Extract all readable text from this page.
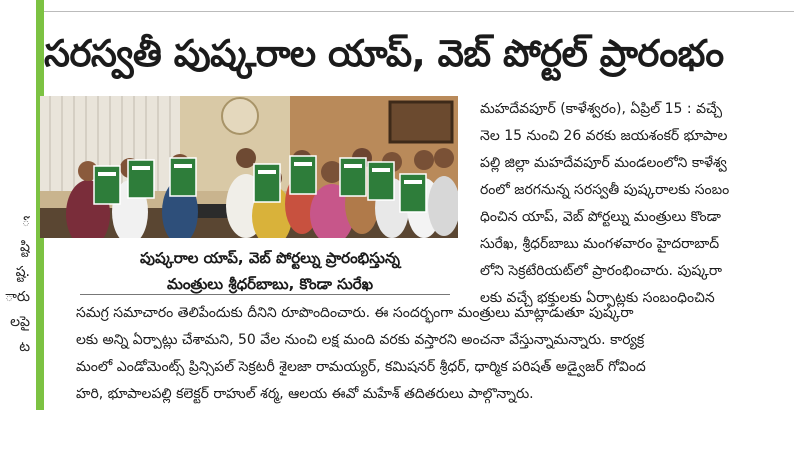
ో
ష్టి
ష్ట.
ారు
లపై
ట
సరస్వతీ పుష్కరాల యాప్, వెబ్ పోర్టల్ ప్రారంభం
పుష్కరాల యాప్, వెబ్ పోర్టల్ను ప్రారంభిస్తున్న
మంత్రులు శ్రీధర్‌బాబు, కొండా సురేఖ
మహదేవపూర్ (కాళేశ్వరం), ఏప్రిల్ 15 : వచ్చే
నెల 15 నుంచి 26 వరకు జయశంకర్ భూపాల
పల్లి జిల్లా మహదేవపూర్ మండలంలోని కాళేశ్వ
రంలో జరగనున్న సరస్వతీ పుష్కరాలకు సంబం
ధించిన యాప్, వెబ్ పోర్టల్ను మంత్రులు కొండా
సురేఖ, శ్రీధర్‌బాబు మంగళవారం హైదరాబాద్
లోని సెక్రటేరియట్‌లో ప్రారంభించారు. పుష్కరా
లకు వచ్చే భక్తులకు ఏర్పాట్లకు సంబంధించిన
సమగ్ర సమాచారం తెలిపేందుకు దీనిని రూపొందించారు. ఈ సందర్భంగా మంత్రులు మాట్లాడుతూ పుష్కరా
లకు అన్ని ఏర్పాట్లు చేశామని, 50 వేల నుంచి లక్ష మంది వరకు వస్తారని అంచనా వేస్తున్నామన్నారు. కార్యక్ర
మంలో ఎండోమెంట్స్ ప్రిన్సిపల్ సెక్రటరీ శైలజా రామయ్యర్, కమిషనర్ శ్రీధర్, ధార్మిక పరిషత్ అడ్వైజర్ గోవింద
హరి, భూపాలపల్లి కలెక్టర్ రాహుల్ శర్మ, ఆలయ ఈవో మహేశ్ తదితరులు పాల్గొన్నారు.
